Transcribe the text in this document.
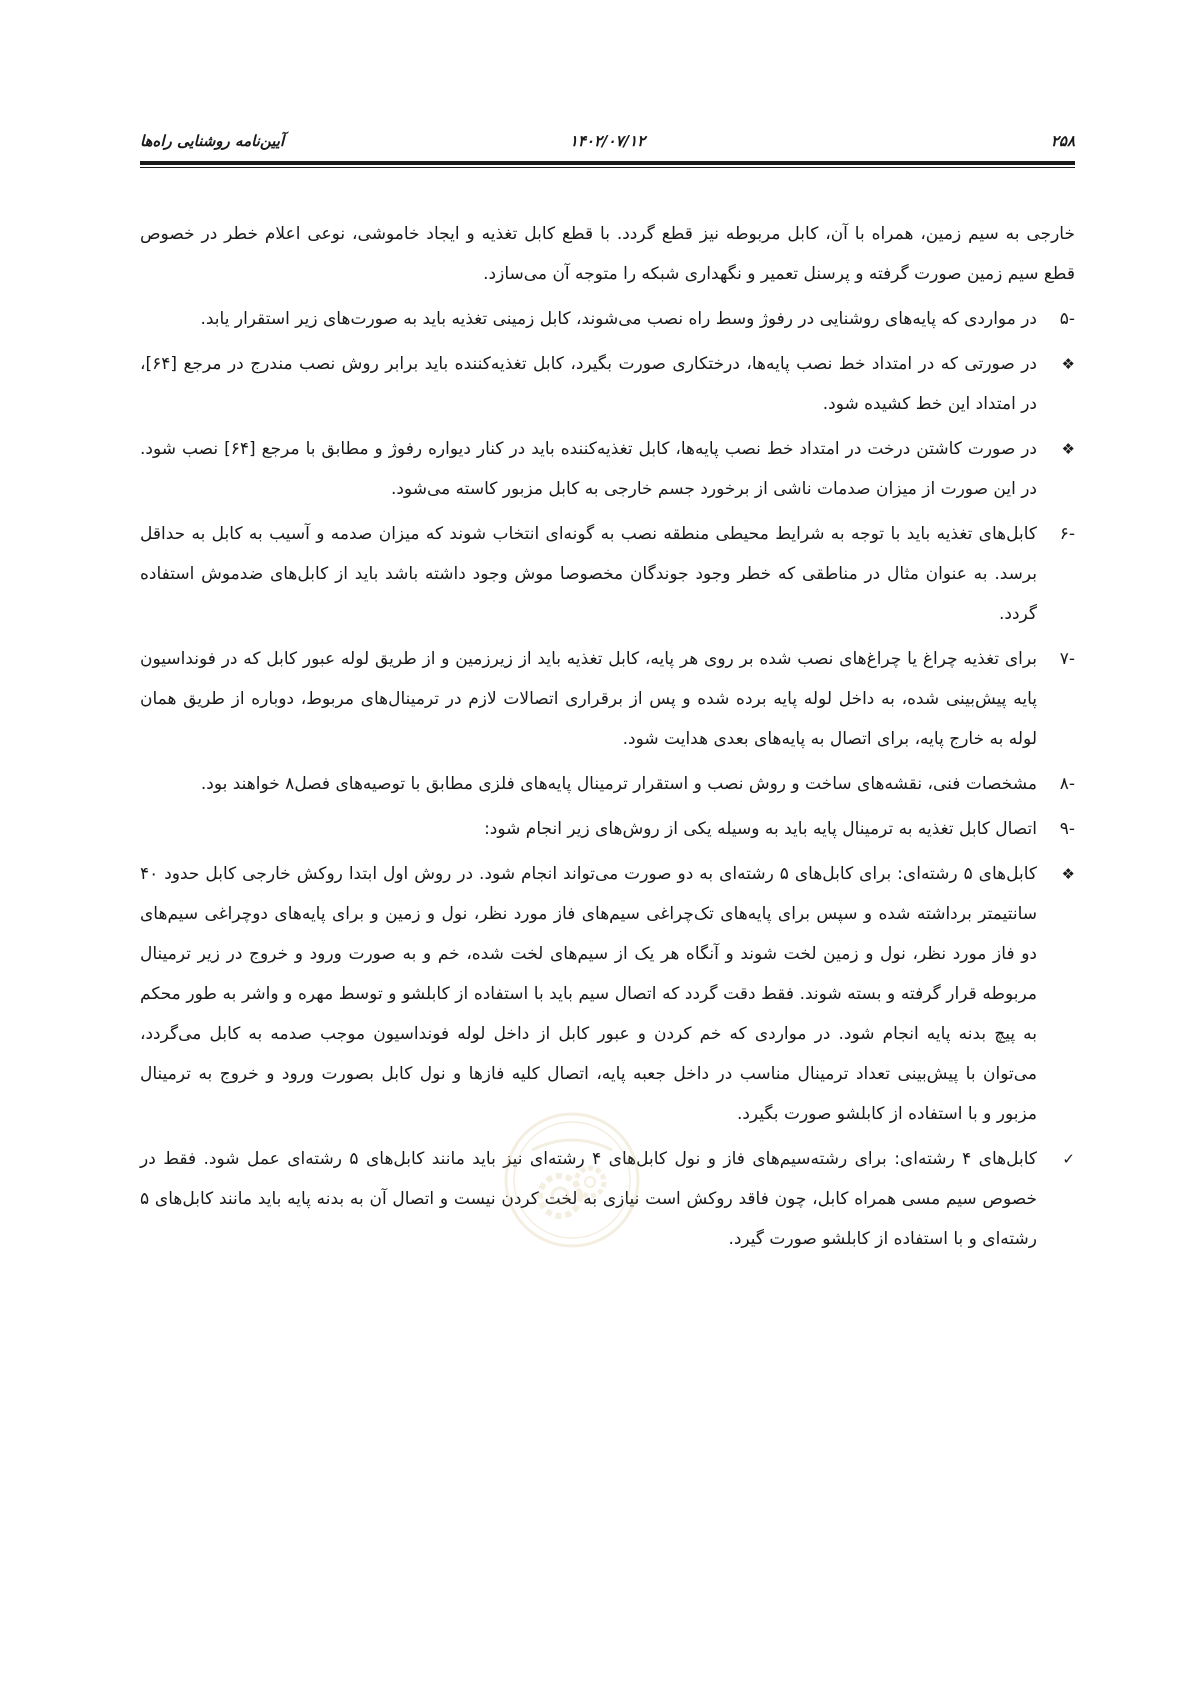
۲۵۸
۱۴۰۲/۰۷/۱۲
آیین‌نامه روشنایی راه‌ها

خارجی به سیم زمین، همراه با آن، کابل مربوطه نیز قطع گردد. با قطع کابل تغذیه و ایجاد خاموشی، نوعی اعلام خطر در خصوص قطع سیم زمین صورت گرفته و پرسنل تعمیر و نگهداری شبکه را متوجه آن می‌سازد.

-۵
در مواردی که پایه‌های روشنایی در رفوژ وسط راه نصب می‌شوند، کابل زمینی تغذیه باید به صورت‌های زیر استقرار یابد.
❖
در صورتی که در امتداد خط نصب پایه‌ها، درختکاری صورت بگیرد، کابل تغذیه‌کننده باید برابر روش نصب مندرج در مرجع [۶۴]، در امتداد این خط کشیده شود.
❖
در صورت کاشتن درخت در امتداد خط نصب پایه‌ها، کابل تغذیه‌کننده باید در کنار دیواره رفوژ و مطابق با مرجع [۶۴] نصب شود. در این صورت از میزان صدمات ناشی از برخورد جسم خارجی به کابل مزبور کاسته می‌شود.
-۶
کابل‌های تغذیه باید با توجه به شرایط محیطی منطقه نصب به گونه‌ای انتخاب شوند که میزان صدمه و آسیب به کابل به حداقل برسد. به عنوان مثال در مناطقی که خطر وجود جوندگان مخصوصا موش وجود داشته باشد باید از کابل‌های ضدموش استفاده گردد.
-۷
برای تغذیه چراغ یا چراغ‌های نصب شده بر روی هر پایه، کابل تغذیه باید از زیرزمین و از طریق لوله عبور کابل که در فونداسیون پایه پیش‌بینی شده، به داخل لوله پایه برده شده و پس از برقراری اتصالات لازم در ترمینال‌های مربوط، دوباره از طریق همان لوله به خارج پایه، برای اتصال به پایه‌های بعدی هدایت شود.
-۸
مشخصات فنی، نقشه‌های ساخت و روش نصب و استقرار ترمینال پایه‌های فلزی مطابق با توصیه‌های فصل۸ خواهند بود.
-۹
اتصال کابل تغذیه به ترمینال پایه باید به وسیله یکی از روش‌های زیر انجام شود:
❖
کابل‌های ۵ رشته‌ای: برای کابل‌های ۵ رشته‌ای به دو صورت می‌تواند انجام شود. در روش اول ابتدا روکش خارجی کابل حدود ۴۰ سانتیمتر برداشته شده و سپس برای پایه‌های تک‌چراغی سیم‌های فاز مورد نظر، نول و زمین و برای پایه‌های دوچراغی سیم‌های دو فاز مورد نظر، نول و زمین لخت شوند و آنگاه هر یک از سیم‌های لخت شده، خم و به صورت ورود و خروج در زیر ترمینال مربوطه قرار گرفته و بسته شوند. فقط دقت گردد که اتصال سیم باید با استفاده از کابلشو و توسط مهره و واشر به طور محکم به پیچ بدنه پایه انجام شود. در مواردی که خم کردن و عبور کابل از داخل لوله فونداسیون موجب صدمه به کابل می‌گردد، می‌توان با پیش‌بینی تعداد ترمینال مناسب در داخل جعبه پایه، اتصال کلیه فازها و نول کابل بصورت ورود و خروج به ترمینال مزبور و با استفاده از کابلشو صورت بگیرد.
✓
کابل‌های ۴ رشته‌ای: برای رشته‌سیم‌های فاز و نول کابل‌های ۴ رشته‌ای نیز باید مانند کابل‌های ۵ رشته‌ای عمل شود. فقط در خصوص سیم مسی همراه کابل، چون فاقد روکش است نیازی به لخت کردن نیست و اتصال آن به بدنه پایه باید مانند کابل‌های ۵ رشته‌ای و با استفاده از کابلشو صورت گیرد.
